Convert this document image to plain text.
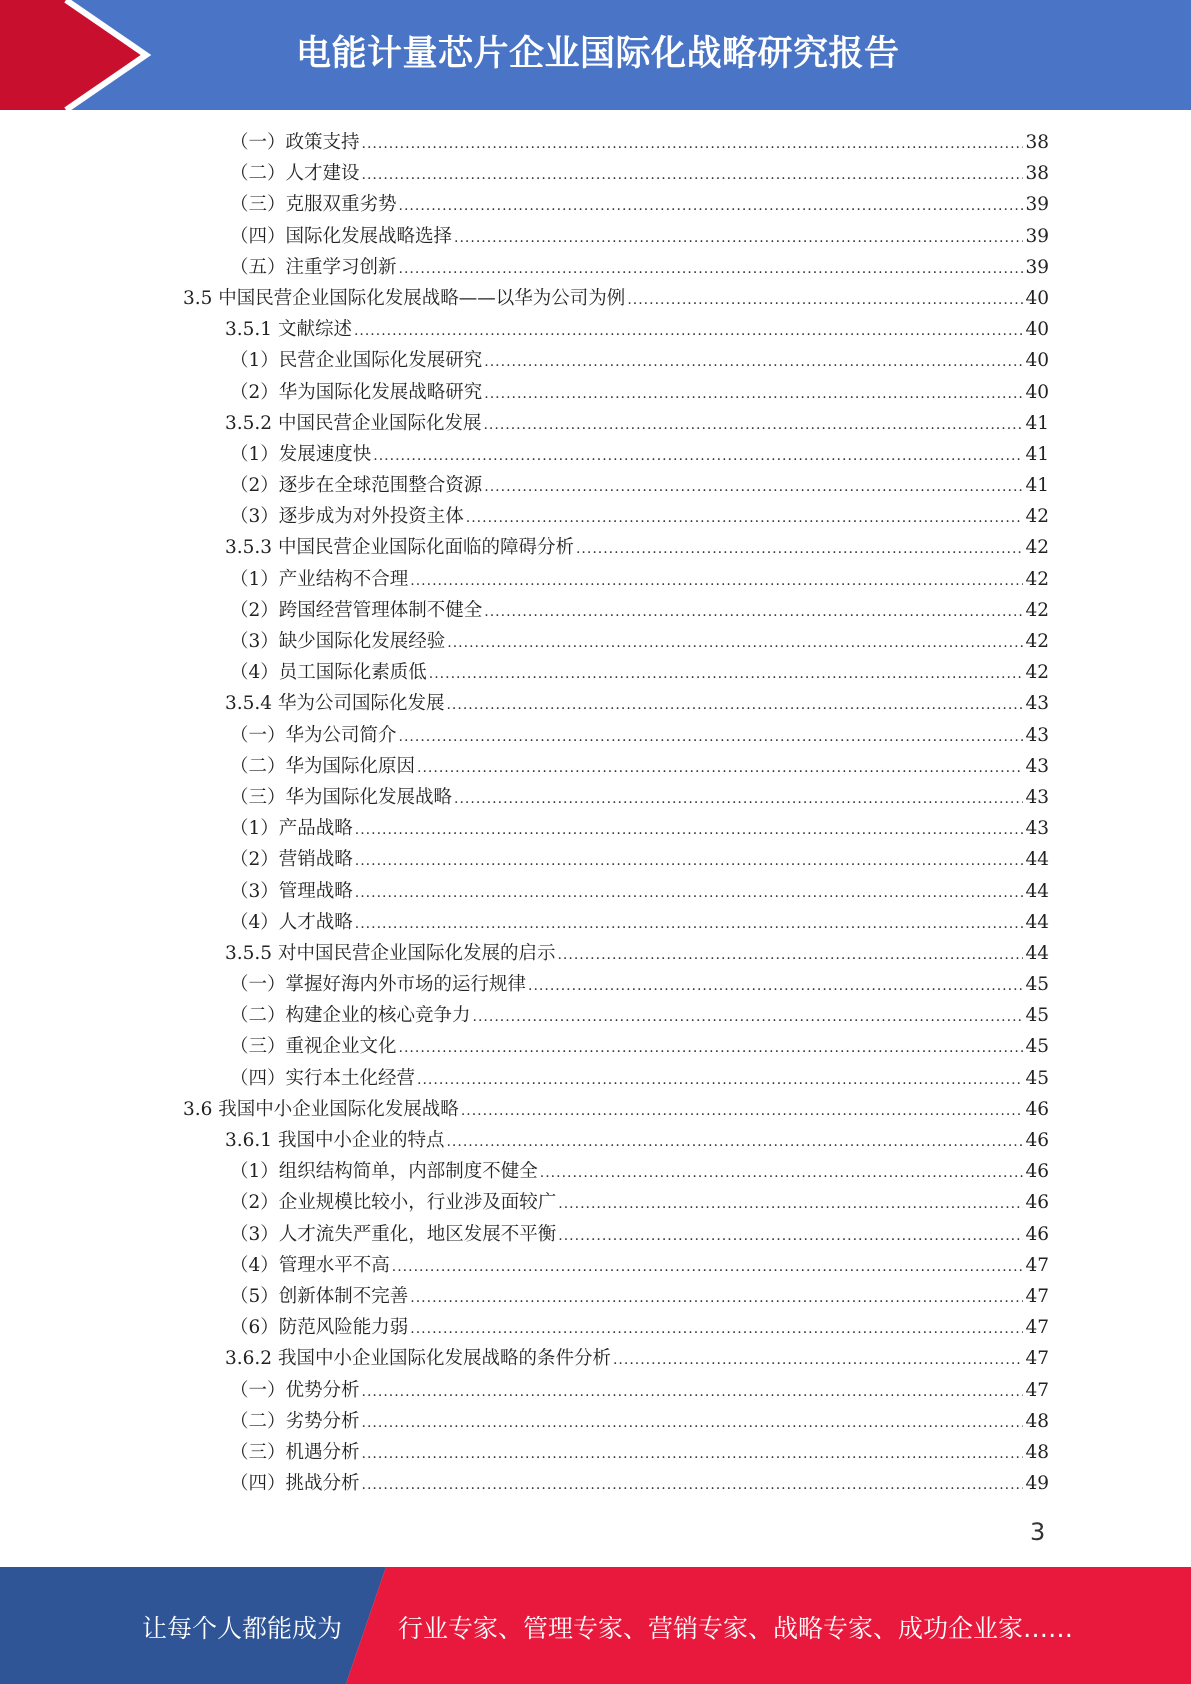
电能计量芯片企业国际化战略研究报告
（一）政策支持 .....	38
（二）人才建设 .....	38
（三）克服双重劣势 .....	39
（四）国际化发展战略选择 .....	39
（五）注重学习创新 .....	39
3.5 中国民营企业国际化发展战略——以华为公司为例 .....	40
3.5.1 文献综述 .....	40
（1）民营企业国际化发展研究 .....	40
（2）华为国际化发展战略研究 .....	40
3.5.2 中国民营企业国际化发展 .....	41
（1）发展速度快 .....	41
（2）逐步在全球范围整合资源 .....	41
（3）逐步成为对外投资主体 .....	42
3.5.3 中国民营企业国际化面临的障碍分析 .....	42
（1）产业结构不合理 .....	42
（2）跨国经营管理体制不健全 .....	42
（3）缺少国际化发展经验 .....	42
（4）员工国际化素质低 .....	42
3.5.4 华为公司国际化发展 .....	43
（一）华为公司简介 .....	43
（二）华为国际化原因 .....	43
（三）华为国际化发展战略 .....	43
（1）产品战略 .....	43
（2）营销战略 .....	44
（3）管理战略 .....	44
（4）人才战略 .....	44
3.5.5 对中国民营企业国际化发展的启示 .....	44
（一）掌握好海内外市场的运行规律 .....	45
（二）构建企业的核心竞争力 .....	45
（三）重视企业文化 .....	45
（四）实行本土化经营 .....	45
3.6 我国中小企业国际化发展战略 .....	46
3.6.1 我国中小企业的特点 .....	46
（1）组织结构简单，内部制度不健全 .....	46
（2）企业规模比较小，行业涉及面较广 .....	46
（3）人才流失严重化，地区发展不平衡 .....	46
（4）管理水平不高 .....	47
（5）创新体制不完善 .....	47
（6）防范风险能力弱 .....	47
3.6.2 我国中小企业国际化发展战略的条件分析 .....	47
（一）优势分析 .....	47
（二）劣势分析 .....	48
（三）机遇分析 .....	48
（四）挑战分析 .....	49
3
让每个人都能成为 行业专家、管理专家、营销专家、战略专家、成功企业家……
